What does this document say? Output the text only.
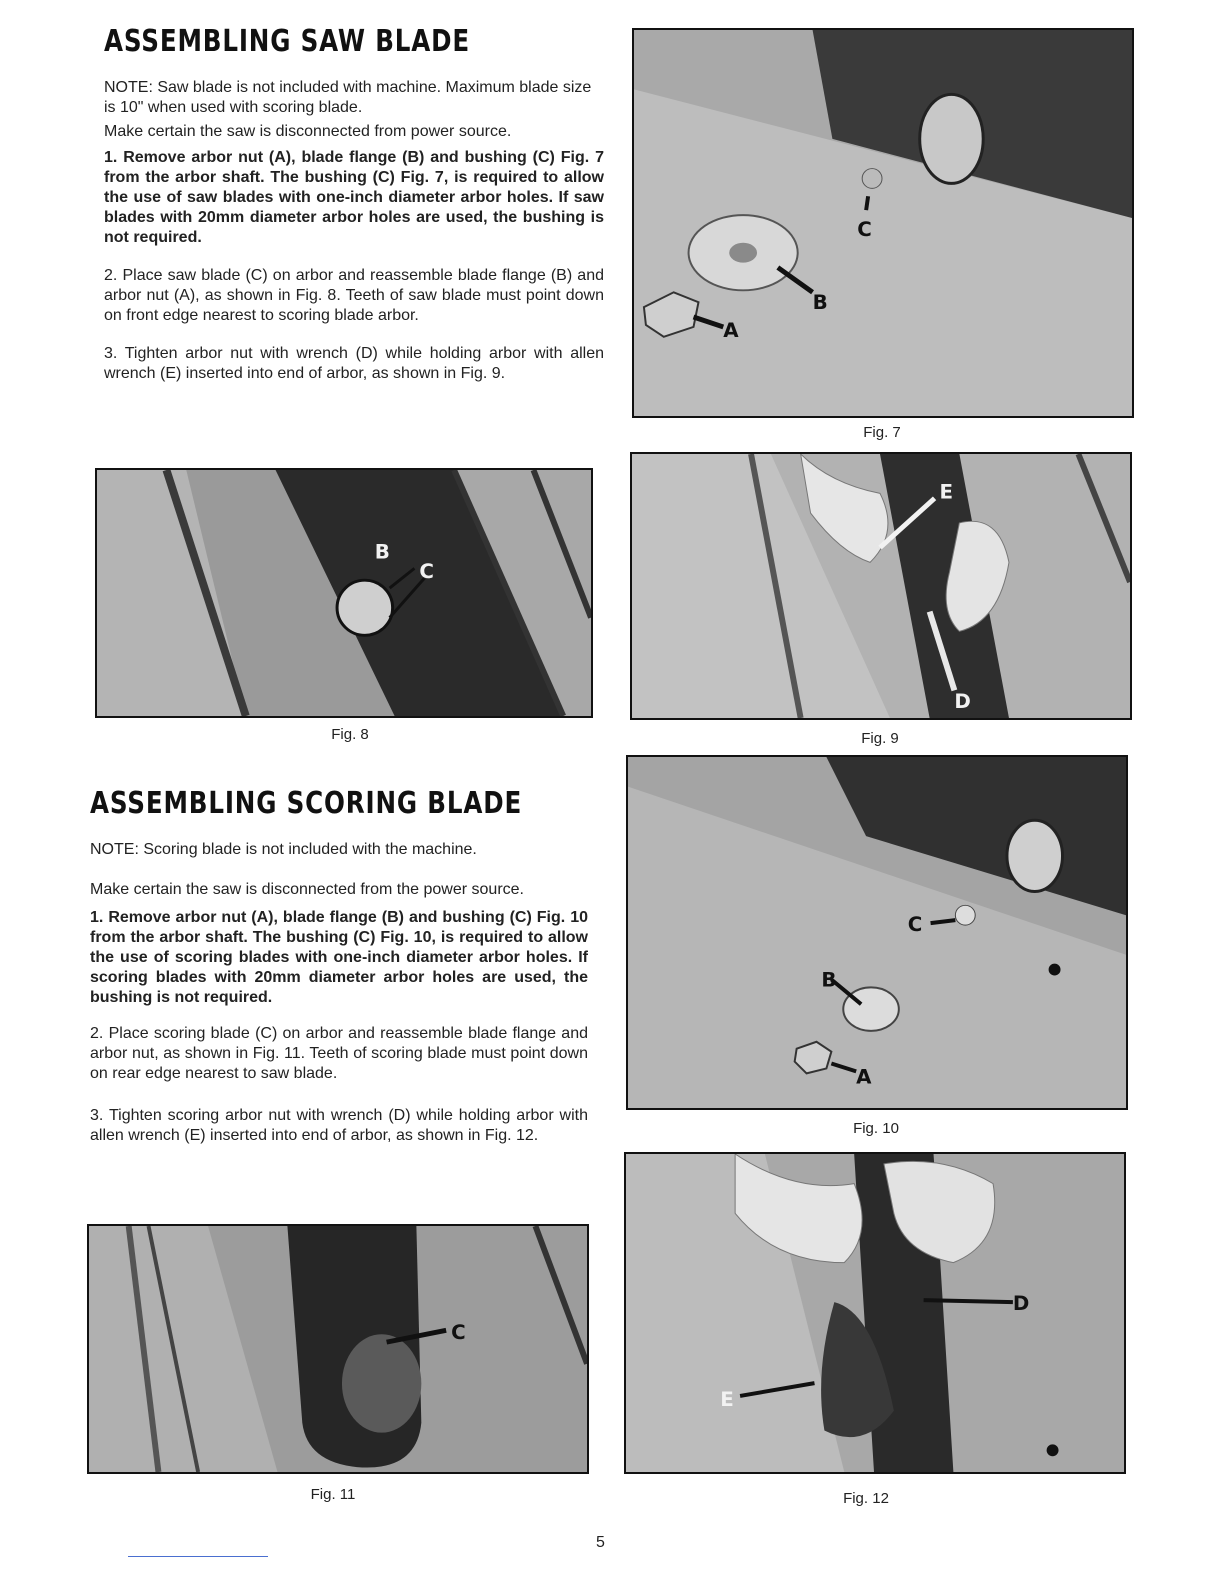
ASSEMBLING SAW BLADE

NOTE: Saw blade is not included with machine. Maximum blade size is 10" when used with scoring blade.

Make certain the saw is disconnected from power source.

1. Remove arbor nut (A), blade flange (B) and bushing (C) Fig. 7 from the arbor shaft. The bushing (C) Fig. 7, is required to allow the use of saw blades with one-inch diameter arbor holes. If saw blades with 20mm diameter arbor holes are used, the bushing is not required.

2. Place saw blade (C) on arbor and reassemble blade flange (B) and arbor nut (A), as shown in Fig. 8. Teeth of saw blade must point down on front edge nearest to scoring blade arbor.

3. Tighten arbor nut with wrench (D) while holding arbor with allen wrench (E) inserted into end of arbor, as shown in Fig. 9.

B
C
Fig. 8
ASSEMBLING SCORING BLADE

NOTE: Scoring blade is not included with the machine.

Make certain the saw is disconnected from the power source.

1. Remove arbor nut (A), blade flange (B) and bushing (C) Fig. 10 from the arbor shaft. The bushing (C) Fig. 10, is required to allow the use of scoring blades with one-inch diameter arbor holes. If scoring blades with 20mm diameter arbor holes are used, the bushing is not required.

2. Place scoring blade (C) on arbor and reassemble blade flange and arbor nut, as shown in Fig. 11. Teeth of scoring blade must point down on rear edge nearest to saw blade.

3. Tighten scoring arbor nut with wrench (D) while holding arbor with allen wrench (E) inserted into end of arbor, as shown in Fig. 12.

C
Fig. 11
C
B
A
Fig. 7
E
D
Fig. 9
C
B
A
Fig. 10
D
E
Fig. 12
5
